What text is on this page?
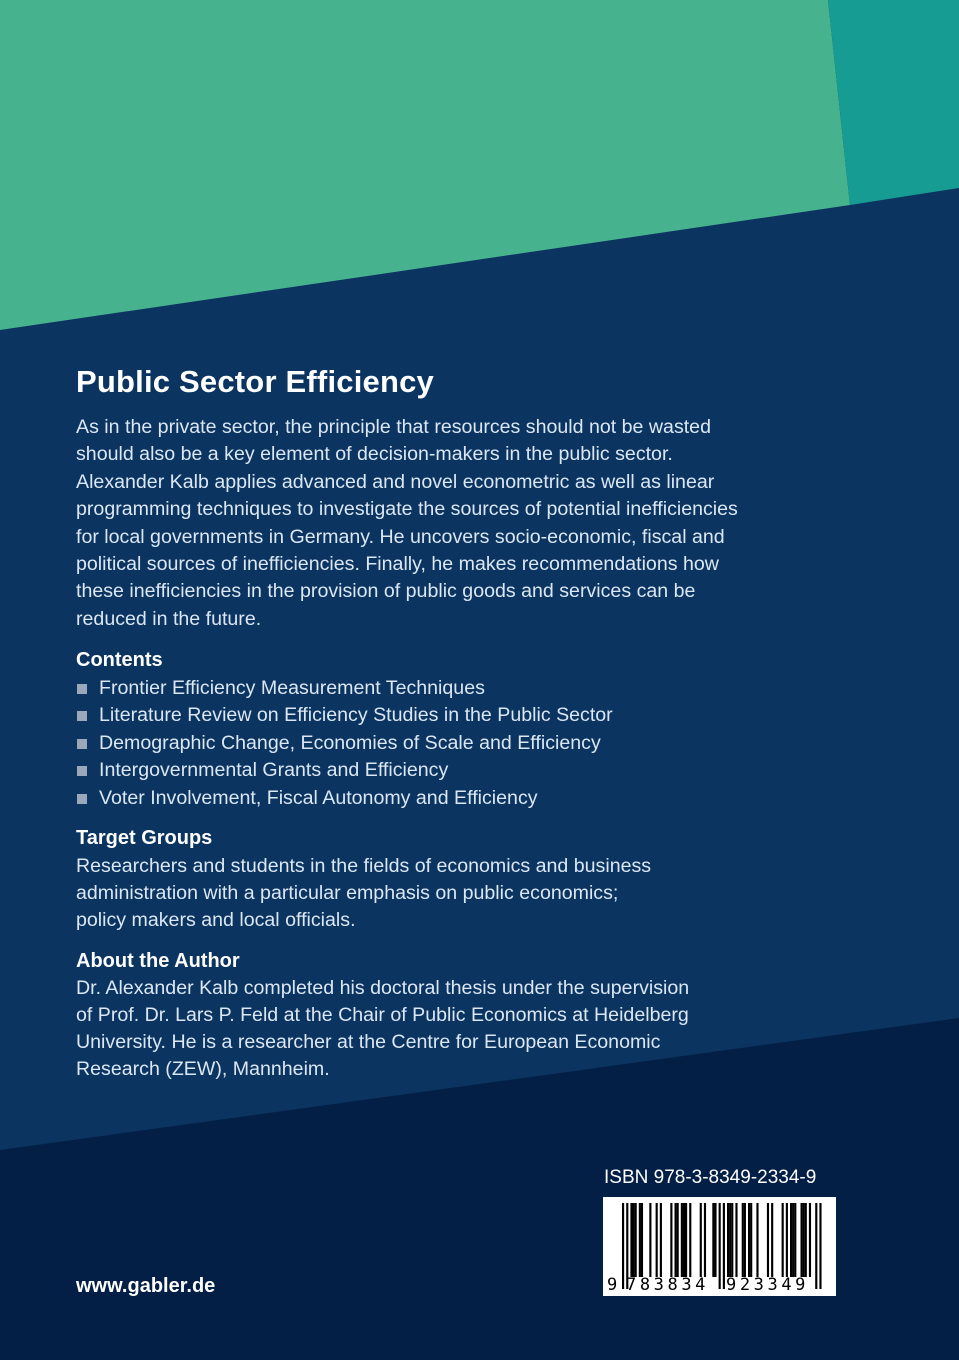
Public Sector Efficiency
As in the private sector, the principle that resources should not be wasted
should also be a key element of decision-makers in the public sector.
Alexander Kalb applies advanced and novel econometric as well as linear
programming techniques to investigate the sources of potential inefficiencies
for local governments in Germany. He uncovers socio-economic, fiscal and
political sources of inefficiencies. Finally, he makes recommendations how
these inefficiencies in the provision of public goods and services can be
reduced in the future.
Contents
Frontier Efficiency Measurement Techniques
Literature Review on Efficiency Studies in the Public Sector
Demographic Change, Economies of Scale and Efficiency
Intergovernmental Grants and Efficiency
Voter Involvement, Fiscal Autonomy and Efficiency
Target Groups
Researchers and students in the fields of economics and business
administration with a particular emphasis on public economics;
policy makers and local officials.
About the Author
Dr. Alexander Kalb completed his doctoral thesis under the supervision
of Prof. Dr. Lars P. Feld at the Chair of Public Economics at Heidelberg
University. He is a researcher at the Centre for European Economic
Research (ZEW), Mannheim.
ISBN 978-3-8349-2334-9
9 783834 923349
www.gabler.de
